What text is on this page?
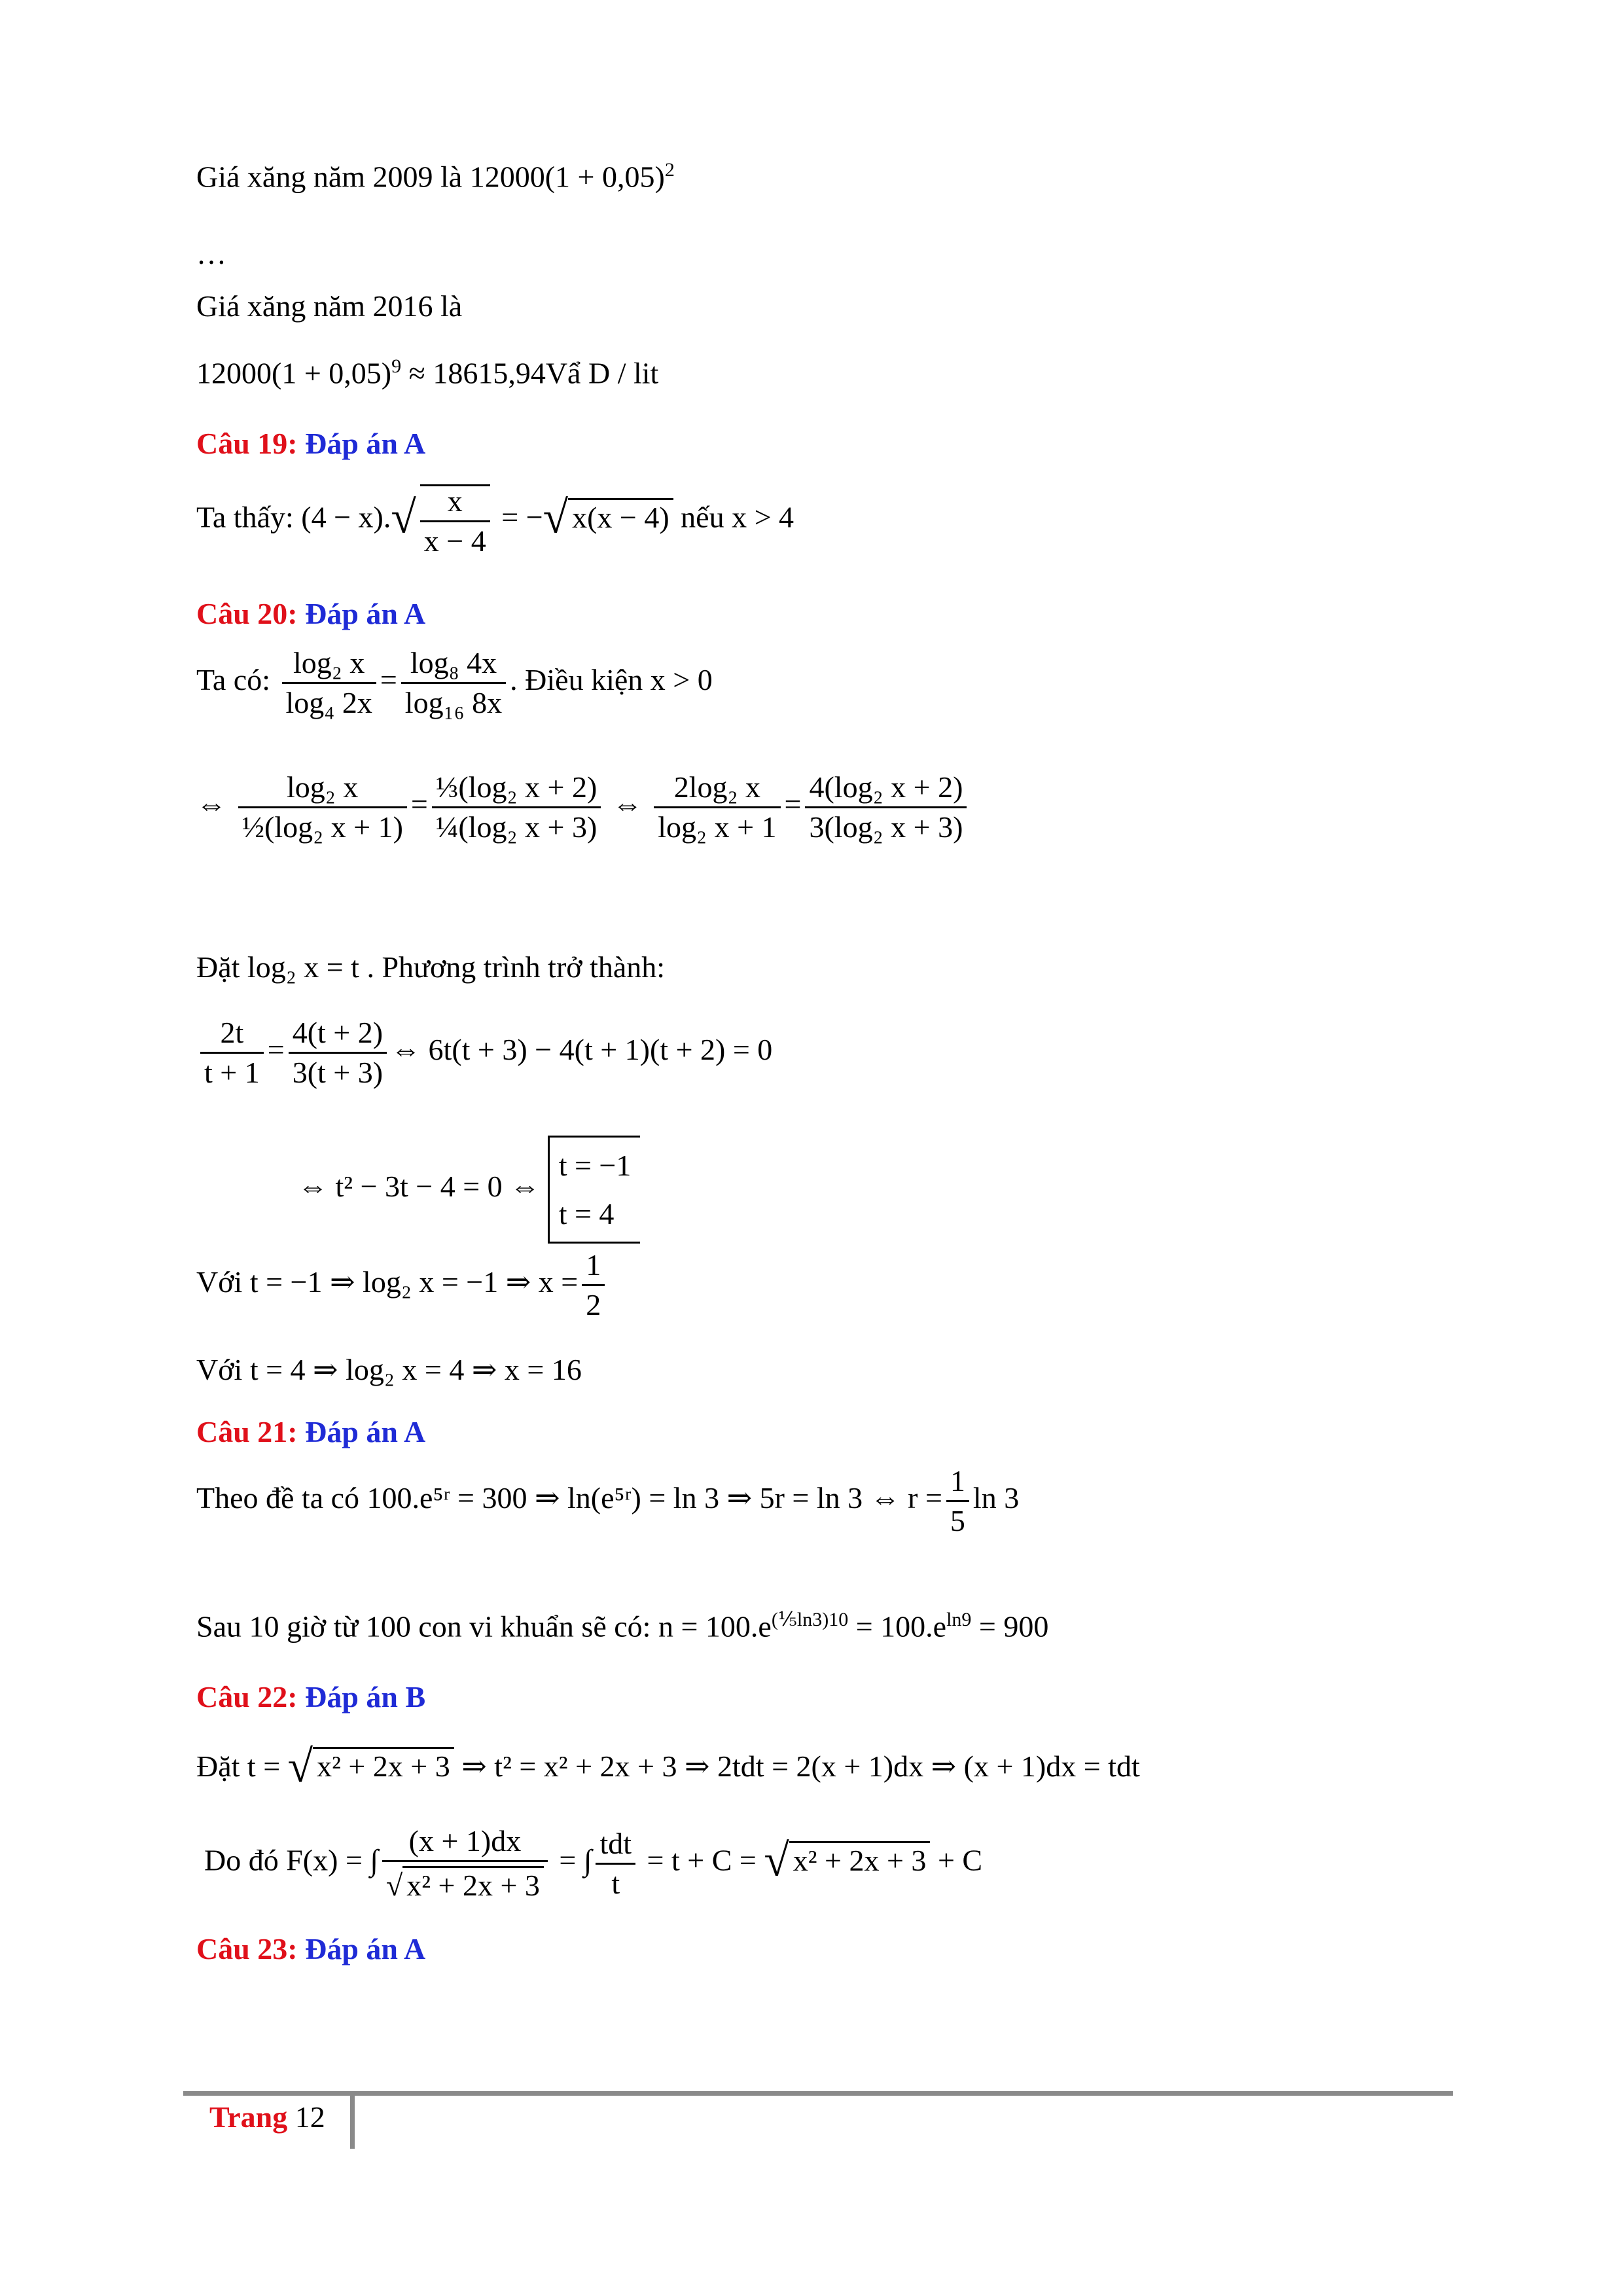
Giá xăng năm 2009 là $12000(1 + 0,05)^2$
…
Giá xăng năm 2016 là
$12000(1 + 0,05)^9$ ≈ 18615,94Vẩ D / lit
Câu 19: Đáp án A
Ta thấy: $(4 - x).√ \frac{x}{x - 4}$ = −√ x(x − 4) nếu x > 4
Câu 20: Đáp án A
Ta có: $\frac{\text{log₂ x}}{\text{log₄ 2x}} = \frac{\text{log₈ 4x}}{\text{log₁₆ 8x}}$ . Điều kiện x > 0
⇔ $\frac{\text{log₂ x}}{\text{½(log₂ x + 1)}} = \frac{\text{⅓(log₂ x + 2)}}{\text{¼(log₂ x + 3)}}$ ⇔ $\frac{\text{2log₂ x}}{\text{log₂ x + 1}} = \frac{\text{4(log₂ x + 2)}}{\text{3(log₂ x + 3)}}$
Đặt log₂ x = t . Phương trình trở thành:
$\frac{2t}{t + 1} = \frac{4(t + 2)}{3(t + 3)}$ ⇔ 6t(t + 3) − 4(t + 1)(t + 2) = 0
⇔ t² − 3t − 4 = 0 ⇔
t = −1
t = 4
Với t = −1 ⇒ log₂ x = −1 ⇒ $x = \frac{1}{2}$
Với t = 4 ⇒ log₂ x = 4 ⇒ x = 16
Câu 21: Đáp án A
Theo đề ta có 100.e⁵ʳ = 300 ⇒ ln(e⁵ʳ) = ln 3 ⇒ 5r = ln 3 ⇔ $r = \frac{1}{5}$ ln 3
Sau 10 giờ từ 100 con vi khuẩn sẽ có: $n = 100.e^{(\frac{1}{5}ln3)10} = 100.e^{ln9} = 900$
Câu 22: Đáp án B
Đặt t = √ x² + 2x + 3 ⇒ t² = x² + 2x + 3 ⇒ 2tdt = 2(x + 1)dx ⇒ (x + 1)dx = tdt
Do đó F(x) = ∫ $\frac{(x + 1)dx}{\text{√ x² + 2x + 3}}$ = ∫ $\frac{\text{tdt}}{t} = t + C$ = √ x² + 2x + 3 + C
Câu 23: Đáp án A
Trang 12
